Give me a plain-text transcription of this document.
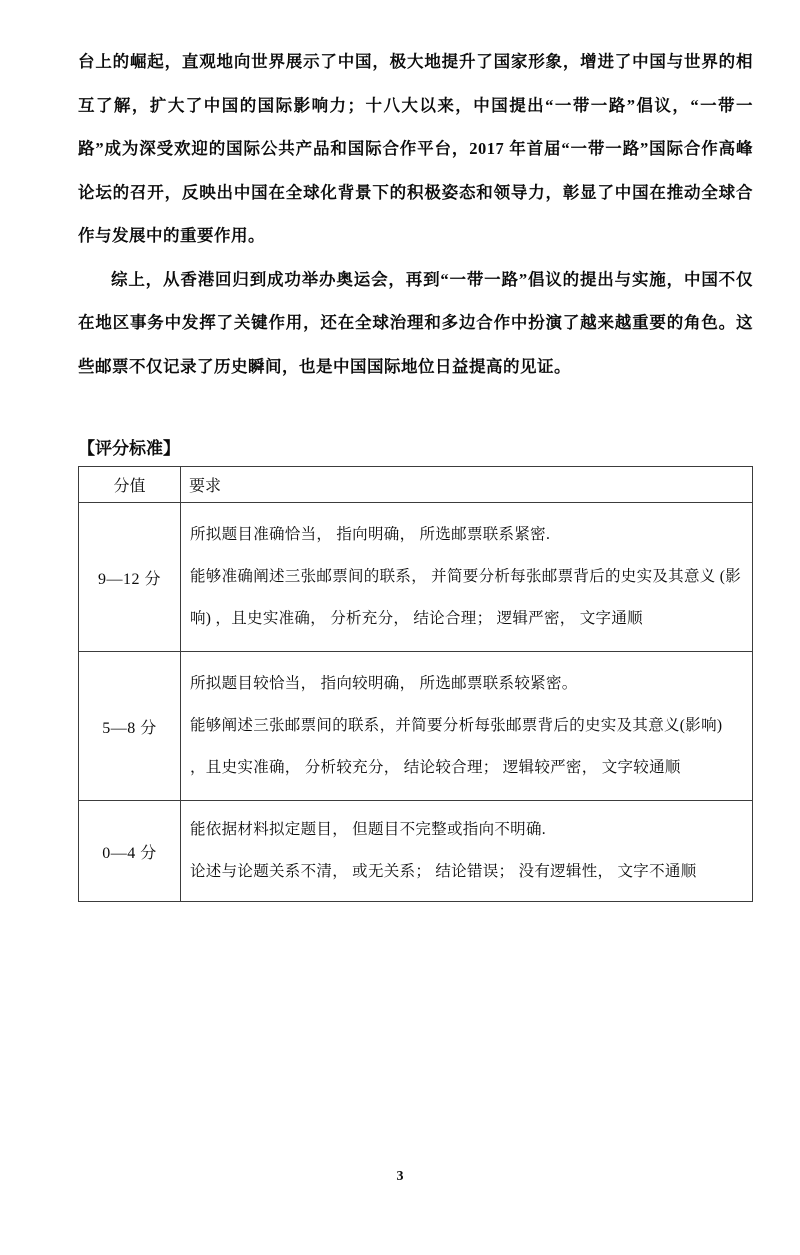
台上的崛起，直观地向世界展示了中国，极大地提升了国家形象，增进了中国与世界的相互了解，扩大了中国的国际影响力；十八大以来，中国提出“一带一路”倡议，“一带一路”成为深受欢迎的国际公共产品和国际合作平台，2017 年首届“一带一路”国际合作高峰论坛的召开，反映出中国在全球化背景下的积极姿态和领导力，彰显了中国在推动全球合作与发展中的重要作用。

综上，从香港回归到成功举办奥运会，再到“一带一路”倡议的提出与实施，中国不仅在地区事务中发挥了关键作用，还在全球治理和多边合作中扮演了越来越重要的角色。这些邮票不仅记录了历史瞬间，也是中国国际地位日益提高的见证。

【评分标准】
分值	要求
9—12 分	所拟题目准确恰当， 指向明确， 所选邮票联系紧密.

能够准确阐述三张邮票间的联系， 并简要分析每张邮票背后的史实及其意义 (影响) ，且史实准确， 分析充分， 结论合理； 逻辑严密， 文字通顺

5—8 分	所拟题目较恰当， 指向较明确， 所选邮票联系较紧密。

能够阐述三张邮票间的联系，并简要分析每张邮票背后的史实及其意义(影响) ，且史实准确， 分析较充分， 结论较合理； 逻辑较严密， 文字较通顺

0—4 分	能依据材料拟定题目， 但题目不完整或指向不明确.

论述与论题关系不清， 或无关系； 结论错误； 没有逻辑性， 文字不通顺

3
